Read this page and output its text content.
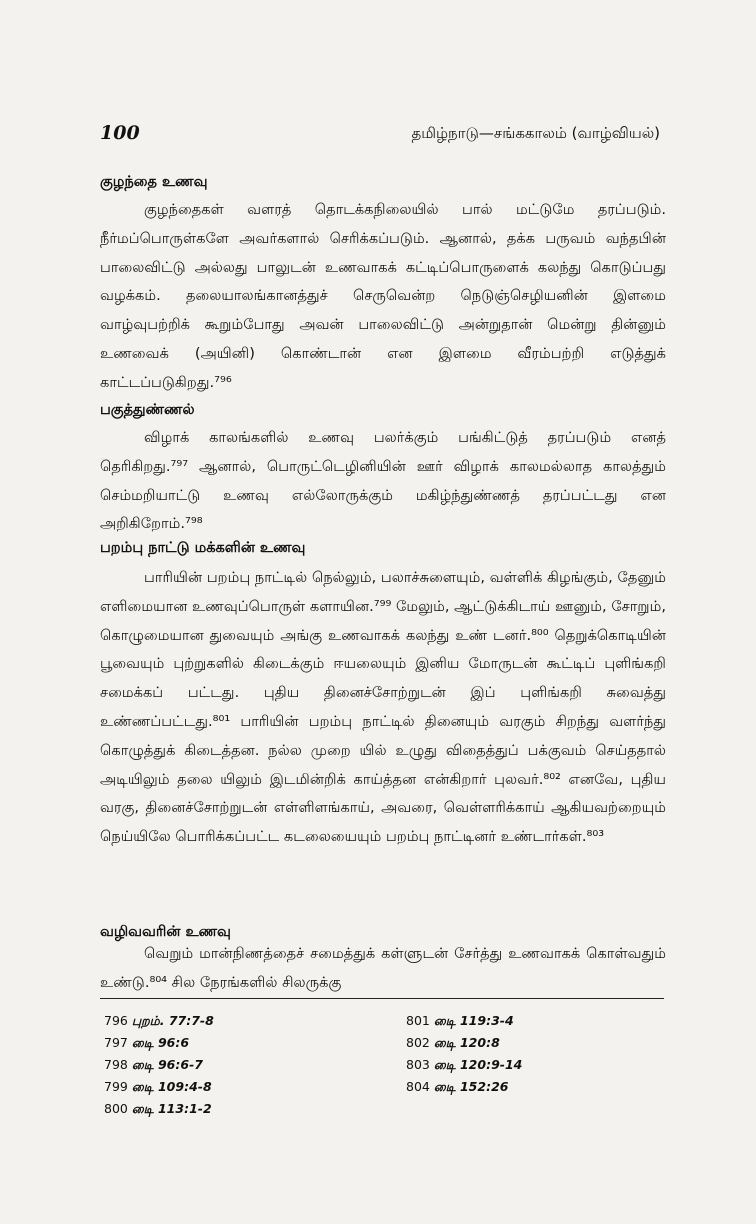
100	தமிழ்நாடு—சங்ககாலம் (வாழ்வியல்)
குழந்தை உணவு

குழந்தைகள் வளரத் தொடக்கநிலையில் பால் மட்டுமே தரப்படும். நீர்மப்பொருள்களே அவர்களால் செரிக்கப்படும். ஆனால், தக்க பருவம் வந்தபின் பாலைவிட்டு அல்லது பாலுடன் உணவாகக் கட்டிப்பொருளைக் கலந்து கொடுப்பது வழக்கம். தலையாலங்கானத்துச் செருவென்ற நெடுஞ்செழியனின் இளமை வாழ்வுபற்றிக் கூறும்போது அவன் பாலைவிட்டு அன்றுதான் மென்று தின்னும் உணவைக் (அயினி) கொண்டான் என இளமை வீரம்பற்றி எடுத்துக் காட்டப்படுகிறது.⁷⁹⁶

பகுத்துண்ணல்

விழாக் காலங்களில் உணவு பலர்க்கும் பங்கிட்டுத் தரப்படும் எனத் தெரிகிறது.⁷⁹⁷ ஆனால், பொருட்டெழினியின் ஊர் விழாக் காலமல்லாத காலத்தும் செம்மறியாட்டு உணவு எல்லோருக்கும் மகிழ்ந்துண்ணத் தரப்பட்டது என அறிகிறோம்.⁷⁹⁸

பறம்பு நாட்டு மக்களின் உணவு

பாரியின் பறம்பு நாட்டில் நெல்லும், பலாச்சுளையும், வள்ளிக் கிழங்கும், தேனும் எளிமையான உணவுப்பொருள் களாயின.⁷⁹⁹ மேலும், ஆட்டுக்கிடாய் ஊனும், சோறும், கொழுமையான துவையும் அங்கு உணவாகக் கலந்து உண் டனர்.⁸⁰⁰ தெறுக்கொடியின் பூவையும் புற்றுகளில் கிடைக்கும் ஈயலையும் இனிய மோருடன் கூட்டிப் புளிங்கறி சமைக்கப் பட்டது. புதிய தினைச்சோற்றுடன் இப் புளிங்கறி சுவைத்து உண்ணப்பட்டது.⁸⁰¹ பாரியின் பறம்பு நாட்டில் தினையும் வரகும் சிறந்து வளர்ந்து கொழுத்துக் கிடைத்தன. நல்ல முறை யில் உழுது விதைத்துப் பக்குவம் செய்ததால் அடியிலும் தலை யிலும் இடமின்றிக் காய்த்தன என்கிறார் புலவர்.⁸⁰² எனவே, புதிய வரகு, தினைச்சோற்றுடன் எள்ளிளங்காய், அவரை, வெள்ளரிக்காய் ஆகியவற்றையும் நெய்யிலே பொரிக்கப்பட்ட கடலையையும் பறம்பு நாட்டினர் உண்டார்கள்.⁸⁰³

வழிவவரின் உணவு

வெறும் மான்நிணத்தைச் சமைத்துக் கள்ளுடன் சேர்த்து உணவாகக் கொள்வதும் உண்டு.⁸⁰⁴ சில நேரங்களில் சிலருக்கு

796 புறம். 77:7-8
797 டிை 96:6
798 டிை 96:6-7
799 டிை 109:4-8
800 டிை 113:1-2
801 டிை 119:3-4
802 டிை 120:8
803 டிை 120:9-14
804 டிை 152:26
